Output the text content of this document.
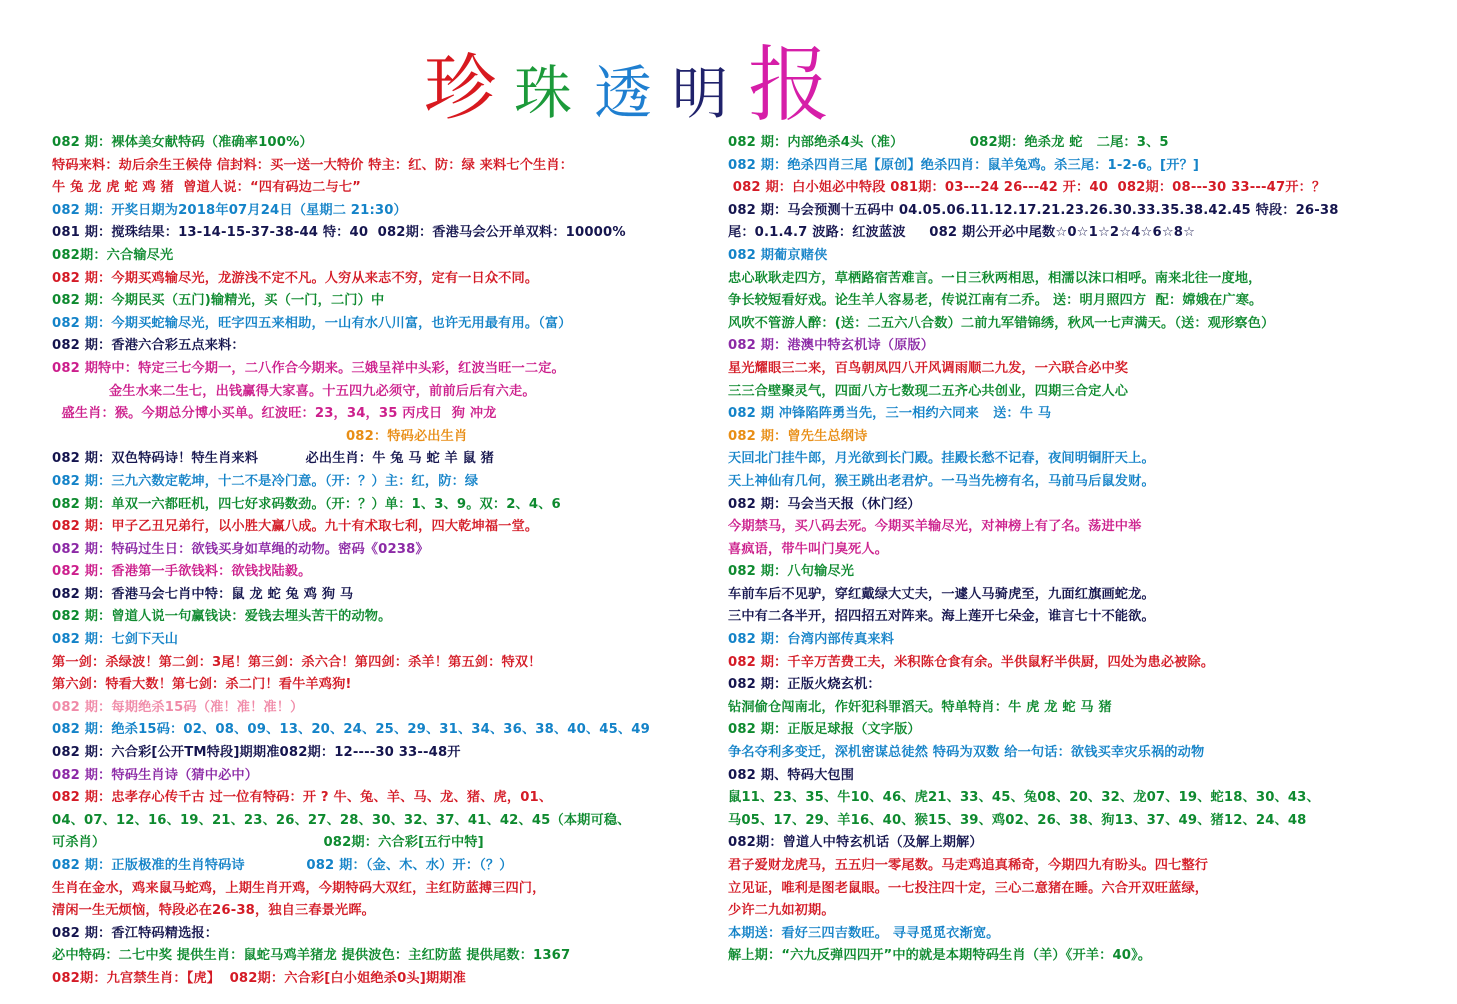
珍 珠 透 明 报
082 期：裸体美女献特码（准确率100%）
特码来料：劫后余生王候侍 信封料：买一送一大特价 特主：红、防：绿 来料七个生肖：
牛 兔 龙 虎 蛇 鸡 猪  曾道人说：“四有码边二与七”
082 期：开奖日期为2018年07月24日（星期二 21:30）
081 期：搅珠结果：13-14-15-37-38-44 特：40  082期：香港马会公开单双料：10000%
082期：六合输尽光
082 期：今期买鸡输尽光，龙游浅不定不凡。人穷从来志不穷，定有一日众不同。
082 期：今期民买（五门)输精光，买（一门，二门）中
082 期：今期买蛇输尽光，旺字四五来相助，一山有水八川富，也许无用最有用。（富）
082 期：香港六合彩五点来料：
082 期特中：特定三七今期一，二八作合今期来。三娥呈祥中头彩，红波当旺一二定。
金生水来二生七，出钱赢得大家喜。十五四九必须守，前前后后有六走。
盛生肖：猴。今期总分博小买单。红波旺：23，34，35 丙戌日  狗 冲龙
082：特码必出生肖
082 期：双色特码诗！特生肖来料          必出生肖：牛 兔 马 蛇 羊 鼠 猪
082 期：三九六数定乾坤，十二不是冷门意。（开：？）主：红，防：绿
082 期：单双一六都旺机，四七好求码数劲。（开：？）单：1、3、9。双：2、4、6
082 期：甲子乙丑兄弟行，以小胜大赢八成。九十有术取七利，四大乾坤福一堂。
082 期：特码过生日：欲钱买身如草绳的动物。密码《0238》
082 期：香港第一手欲钱料：欲钱找陆毅。
082 期：香港马会七肖中特：鼠 龙 蛇 兔 鸡 狗 马
082 期：曾道人说一句赢钱诀：爱钱去埋头苦干的动物。
082 期：七剑下天山
第一剑：杀绿波！第二剑：3尾！第三剑：杀六合！第四剑：杀羊！第五剑：特双！
第六剑：特看大数！第七剑：杀二门！看牛羊鸡狗!
082 期：每期绝杀15码（准！准！准！）
082 期：绝杀15码：02、08、09、13、20、24、25、29、31、34、36、38、40、45、49
082 期：六合彩[公开TM特段]期期准082期：12----30 33--48开
082 期：特码生肖诗（猜中必中）
082 期：忠孝存心传千古 过一位有特码：开 ? 牛、兔、羊、马、龙、猪、虎，01、
04、07、12、16、19、21、23、26、27、28、30、32、37、41、42、45（本期可稳、
可杀肖）                                              082期：六合彩[五行中特]
082 期：正版极准的生肖特码诗             082 期：（金、木、水）开：（？）
生肖在金水，鸡来鼠马蛇鸡，上期生肖开鸡，今期特码大双红，主红防蓝搏三四门，
清闲一生无烦恼，特段必在26-38，独自三春景光晖。
082 期：香江特码精选报：
必中特码：二七中奖 提供生肖：鼠蛇马鸡羊猪龙 提供波色：主红防蓝 提供尾数：1367
082期：九宫禁生肖：【虎】  082期：六合彩[白小姐绝杀0头]期期准
082 期：内部绝杀4头（准）              082期：绝杀龙 蛇   二尾：3、5
082 期：绝杀四肖三尾【原创】绝杀四肖：鼠羊兔鸡。杀三尾：1-2-6。[开？]
082 期：白小姐必中特段 081期：03---24 26---42 开：40  082期：08---30 33---47开：？
082 期：马会预测十五码中 04.05.06.11.12.17.21.23.26.30.33.35.38.42.45 特段：26-38
尾：0.1.4.7 波路：红波蓝波     082 期公开必中尾数☆0☆1☆2☆4☆6☆8☆
082 期葡京赌侠
忠心耿耿走四方，草栖路宿苦难言。一日三秋两相思，相濡以沫口相呼。南来北往一度地，
争长较短看好戏。论生羊人容易老，传说江南有二乔。 送：明月照四方  配：嫦娥在广寒。
风吹不管游人醉：(送：二五六八合数）二前九军错锦绣，秋风一七声满天。（送：观形察色）
082 期：港澳中特玄机诗（原版）
星光耀眼三二来，百鸟朝凤四八开风调雨顺二九发，一六联合必中奖
三三合壁聚灵气，四面八方七数现二五齐心共创业，四期三合定人心
082 期 冲锋陷阵勇当先，三一相约六同来   送：牛 马
082 期：曾先生总纲诗
天回北门挂牛郎，月光欲到长门殿。挂殿长愁不记春，夜间明铜肝天上。
天上神仙有几何，猴王跳出老君炉。一马当先榜有名，马前马后鼠发财。
082 期：马会当天报（休门经）
今期禁马，买八码去死。今期买羊输尽光，对神榜上有了名。荡进中举
喜疯语，带牛叫门臭死人。
082 期：八句输尽光
车前车后不见驴，穿红戴绿大丈夫，一遽人马骑虎至，九面红旗画蛇龙。
三中有二各半开，招四招五对阵来。海上莲开七朵金，谁言七十不能欲。
082 期：台湾内部传真来料
082 期：千辛万苦费工夫，米积陈仓食有余。半供鼠籽半供厨，四处为患必被除。
082 期：正版火烧玄机：
钻洞偷仓闯南北，作奸犯科罪滔天。特单特肖：牛 虎 龙 蛇 马 猪
082 期：正版足球报（文字版）
争名夺利多变迁，深机密谋总徒然 特码为双数 给一句话：欲钱买幸灾乐祸的动物
082 期、特码大包围
鼠11、23、35、牛10、46、虎21、33、45、兔08、20、32、龙07、19、蛇18、30、43、
马05、17、29、羊16、40、猴15、39、鸡02、26、38、狗13、37、49、猪12、24、48
082期：曾道人中特玄机话（及解上期解）
君子爱财龙虎马，五五归一零尾数。马走鸡追真稀奇，今期四九有盼头。四七整行
立见证，唯利是图老鼠眼。一七投注四十定，三心二意猪在睡。六合开双旺蓝绿，
少许二九如初期。
本期送：看好三四吉数旺。 寻寻觅觅衣渐宽。
解上期：“六九反弹四四开”中的就是本期特码生肖（羊）《开羊：40》。
